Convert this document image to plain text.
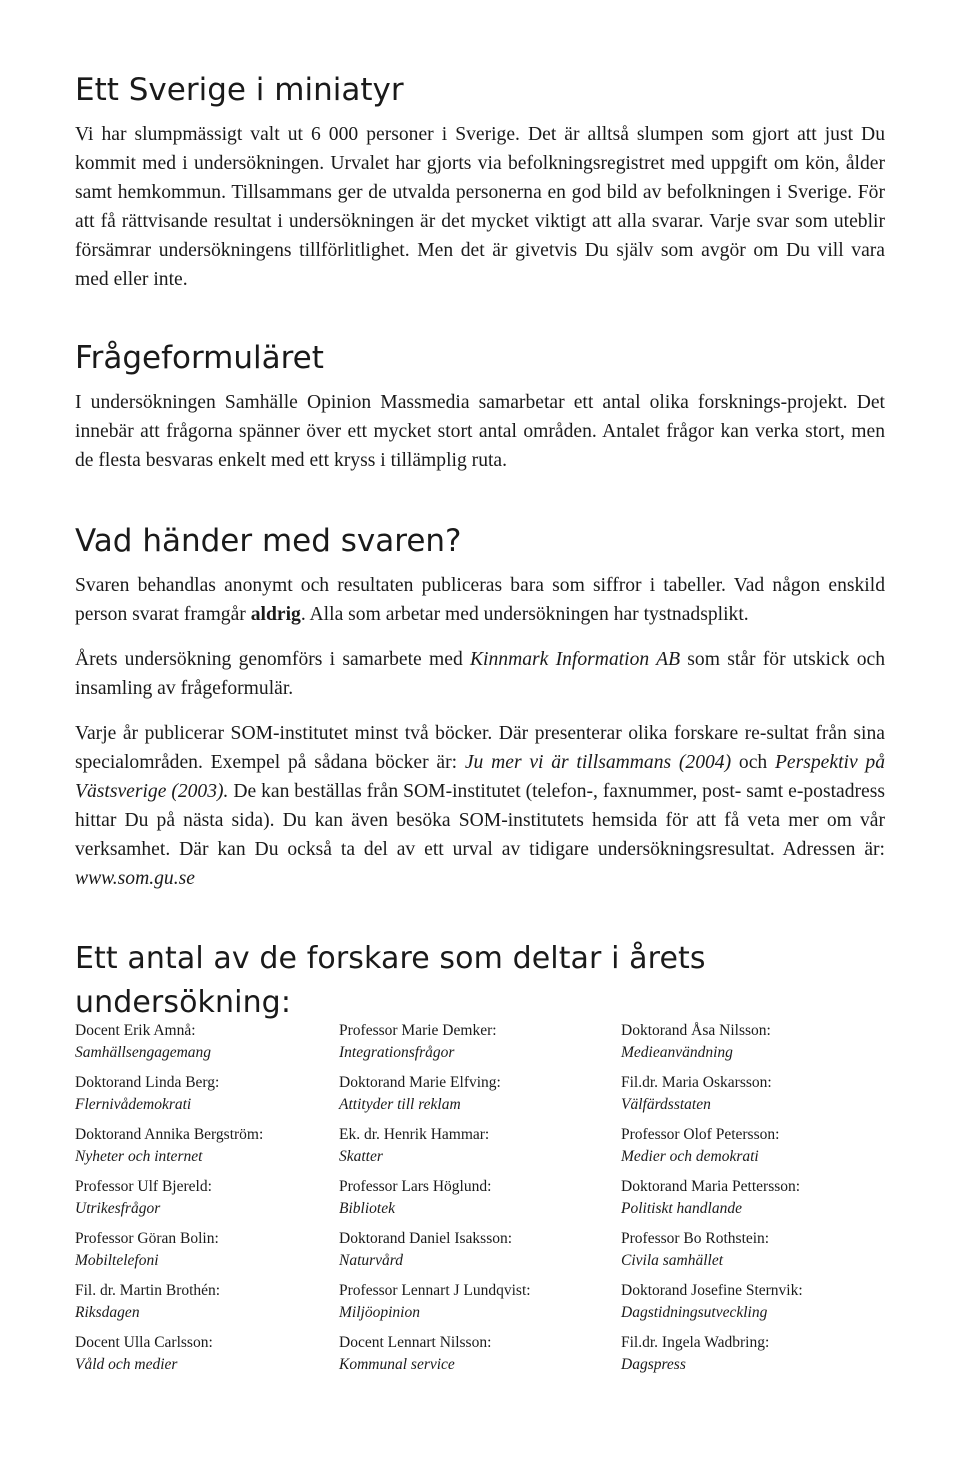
Ett Sverige i miniatyr

Vi har slumpmässigt valt ut 6 000 personer i Sverige. Det är alltså slumpen som gjort att just Du kommit med i undersökningen. Urvalet har gjorts via befolkningsregistret med uppgift om kön, ålder samt hemkommun. Tillsammans ger de utvalda personerna en god bild av befolkningen i Sverige. För att få rättvisande resultat i undersökningen är det mycket viktigt att alla svarar. Varje svar som uteblir försämrar undersökningens tillförlitlighet. Men det är givetvis Du själv som avgör om Du vill vara med eller inte.

Frågeformuläret

I undersökningen Samhälle Opinion Massmedia samarbetar ett antal olika forsknings-projekt. Det innebär att frågorna spänner över ett mycket stort antal områden. Antalet frågor kan verka stort, men de flesta besvaras enkelt med ett kryss i tillämplig ruta.

Vad händer med svaren?

Svaren behandlas anonymt och resultaten publiceras bara som siffror i tabeller. Vad någon enskild person svarat framgår aldrig. Alla som arbetar med undersökningen har tystnadsplikt.

Årets undersökning genomförs i samarbete med Kinnmark Information AB som står för utskick och insamling av frågeformulär.

Varje år publicerar SOM-institutet minst två böcker. Där presenterar olika forskare re-sultat från sina specialområden. Exempel på sådana böcker är: Ju mer vi är tillsammans (2004) och Perspektiv på Västsverige (2003). De kan beställas från SOM-institutet (telefon-, faxnummer, post- samt e-postadress hittar Du på nästa sida). Du kan även besöka SOM-institutets hemsida för att få veta mer om vår verksamhet. Där kan Du också ta del av ett urval av tidigare undersökningsresultat. Adressen är: www.som.gu.se

Ett antal av de forskare som deltar i årets undersökning:
Docent Erik Amnå:
Samhällsengagemang
Professor Marie Demker:
Integrationsfrågor
Doktorand Åsa Nilsson:
Medieanvändning
Doktorand Linda Berg:
Flernivådemokrati
Doktorand Marie Elfving:
Attityder till reklam
Fil.dr. Maria Oskarsson:
Välfärdsstaten
Doktorand Annika Bergström:
Nyheter och internet
Ek. dr. Henrik Hammar:
Skatter
Professor Olof Petersson:
Medier och demokrati
Professor Ulf Bjereld:
Utrikesfrågor
Professor Lars Höglund:
Bibliotek
Doktorand Maria Pettersson:
Politiskt handlande
Professor Göran Bolin:
Mobiltelefoni
Doktorand Daniel Isaksson:
Naturvård
Professor Bo Rothstein:
Civila samhället
Fil. dr. Martin Brothén:
Riksdagen
Professor Lennart J Lundqvist:
Miljöopinion
Doktorand Josefine Sternvik:
Dagstidningsutveckling
Docent Ulla Carlsson:
Våld och medier
Docent Lennart Nilsson:
Kommunal service
Fil.dr. Ingela Wadbring:
Dagspress
